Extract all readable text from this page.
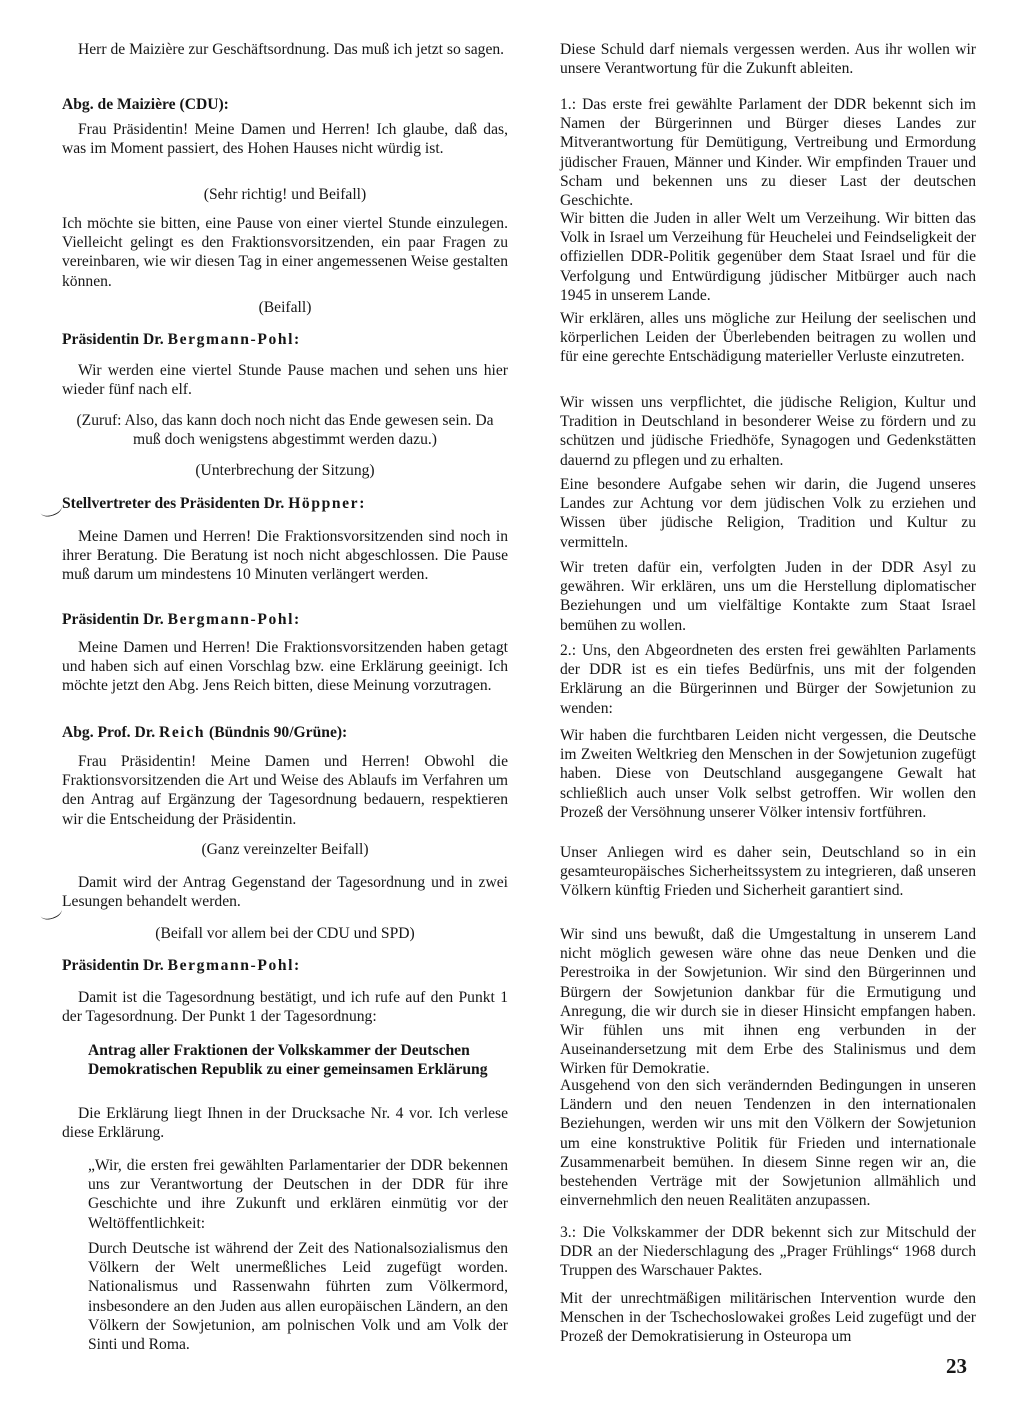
Herr de Maizière zur Geschäftsordnung. Das muß ich jetzt so sagen.

Abg. de Maizière (CDU):

Frau Präsidentin! Meine Damen und Herren! Ich glaube, daß das, was im Moment passiert, des Hohen Hauses nicht würdig ist.

(Sehr richtig! und Beifall)

Ich möchte sie bitten, eine Pause von einer viertel Stunde einzulegen. Vielleicht gelingt es den Fraktionsvorsitzenden, ein paar Fragen zu vereinbaren, wie wir diesen Tag in einer angemessenen Weise gestalten können.

(Beifall)

Präsidentin Dr. Bergmann-Pohl:

Wir werden eine viertel Stunde Pause machen und sehen uns hier wieder fünf nach elf.

(Zuruf: Also, das kann doch noch nicht das Ende gewesen sein. Da muß doch wenigstens abgestimmt werden dazu.)

(Unterbrechung der Sitzung)

Stellvertreter des Präsidenten Dr. Höppner:

Meine Damen und Herren! Die Fraktionsvorsitzenden sind noch in ihrer Beratung. Die Beratung ist noch nicht abgeschlossen. Die Pause muß darum um mindestens 10 Minuten verlängert werden.

Präsidentin Dr. Bergmann-Pohl:

Meine Damen und Herren! Die Fraktionsvorsitzenden haben getagt und haben sich auf einen Vorschlag bzw. eine Erklärung geeinigt. Ich möchte jetzt den Abg. Jens Reich bitten, diese Meinung vorzutragen.

Abg. Prof. Dr. Reich (Bündnis 90/Grüne):

Frau Präsidentin! Meine Damen und Herren! Obwohl die Fraktionsvorsitzenden die Art und Weise des Ablaufs im Verfahren um den Antrag auf Ergänzung der Tagesordnung bedauern, respektieren wir die Entscheidung der Präsidentin.

(Ganz vereinzelter Beifall)

Damit wird der Antrag Gegenstand der Tagesordnung und in zwei Lesungen behandelt werden.

(Beifall vor allem bei der CDU und SPD)

Präsidentin Dr. Bergmann-Pohl:

Damit ist die Tagesordnung bestätigt, und ich rufe auf den Punkt 1 der Tagesordnung. Der Punkt 1 der Tagesordnung:

Antrag aller Fraktionen der Volkskammer der Deutschen Demokratischen Republik zu einer gemeinsamen Erklärung

Die Erklärung liegt Ihnen in der Drucksache Nr. 4 vor. Ich verlese diese Erklärung.

„Wir, die ersten frei gewählten Parlamentarier der DDR bekennen uns zur Verantwortung der Deutschen in der DDR für ihre Geschichte und ihre Zukunft und erklären einmütig vor der Weltöffentlichkeit:

Durch Deutsche ist während der Zeit des Nationalsozialismus den Völkern der Welt unermeßliches Leid zugefügt worden. Nationalismus und Rassenwahn führten zum Völkermord, insbesondere an den Juden aus allen europäischen Ländern, an den Völkern der Sowjetunion, am polnischen Volk und am Volk der Sinti und Roma.

Diese Schuld darf niemals vergessen werden. Aus ihr wollen wir unsere Verantwortung für die Zukunft ableiten.

1.: Das erste frei gewählte Parlament der DDR bekennt sich im Namen der Bürgerinnen und Bürger dieses Landes zur Mitverantwortung für Demütigung, Vertreibung und Ermordung jüdischer Frauen, Männer und Kinder. Wir empfinden Trauer und Scham und bekennen uns zu dieser Last der deutschen Geschichte.

Wir bitten die Juden in aller Welt um Verzeihung. Wir bitten das Volk in Israel um Verzeihung für Heuchelei und Feindseligkeit der offiziellen DDR-Politik gegenüber dem Staat Israel und für die Verfolgung und Entwürdigung jüdischer Mitbürger auch nach 1945 in unserem Lande.

Wir erklären, alles uns mögliche zur Heilung der seelischen und körperlichen Leiden der Überlebenden beitragen zu wollen und für eine gerechte Entschädigung materieller Verluste einzutreten.

Wir wissen uns verpflichtet, die jüdische Religion, Kultur und Tradition in Deutschland in besonderer Weise zu fördern und zu schützen und jüdische Friedhöfe, Synagogen und Gedenkstätten dauernd zu pflegen und zu erhalten.

Eine besondere Aufgabe sehen wir darin, die Jugend unseres Landes zur Achtung vor dem jüdischen Volk zu erziehen und Wissen über jüdische Religion, Tradition und Kultur zu vermitteln.

Wir treten dafür ein, verfolgten Juden in der DDR Asyl zu gewähren. Wir erklären, uns um die Herstellung diplomatischer Beziehungen und um vielfältige Kontakte zum Staat Israel bemühen zu wollen.

2.: Uns, den Abgeordneten des ersten frei gewählten Parlaments der DDR ist es ein tiefes Bedürfnis, uns mit der folgenden Erklärung an die Bürgerinnen und Bürger der Sowjetunion zu wenden:

Wir haben die furchtbaren Leiden nicht vergessen, die Deutsche im Zweiten Weltkrieg den Menschen in der Sowjetunion zugefügt haben. Diese von Deutschland ausgegangene Gewalt hat schließlich auch unser Volk selbst getroffen. Wir wollen den Prozeß der Versöhnung unserer Völker intensiv fortführen.

Unser Anliegen wird es daher sein, Deutschland so in ein gesamteuropäisches Sicherheitssystem zu integrieren, daß unseren Völkern künftig Frieden und Sicherheit garantiert sind.

Wir sind uns bewußt, daß die Umgestaltung in unserem Land nicht möglich gewesen wäre ohne das neue Denken und die Perestroika in der Sowjetunion. Wir sind den Bürgerinnen und Bürgern der Sowjetunion dankbar für die Ermutigung und Anregung, die wir durch sie in dieser Hinsicht empfangen haben. Wir fühlen uns mit ihnen eng verbunden in der Auseinandersetzung mit dem Erbe des Stalinismus und dem Wirken für Demokratie.

Ausgehend von den sich verändernden Bedingungen in unseren Ländern und den neuen Tendenzen in den internationalen Beziehungen, werden wir uns mit den Völkern der Sowjetunion um eine konstruktive Politik für Frieden und internationale Zusammenarbeit bemühen. In diesem Sinne regen wir an, die bestehenden Verträge mit der Sowjetunion allmählich und einvernehmlich den neuen Realitäten anzupassen.

3.: Die Volkskammer der DDR bekennt sich zur Mitschuld der DDR an der Niederschlagung des „Prager Frühlings“ 1968 durch Truppen des Warschauer Paktes.

Mit der unrechtmäßigen militärischen Intervention wurde den Menschen in der Tschechoslowakei großes Leid zugefügt und der Prozeß der Demokratisierung in Osteuropa um

23
